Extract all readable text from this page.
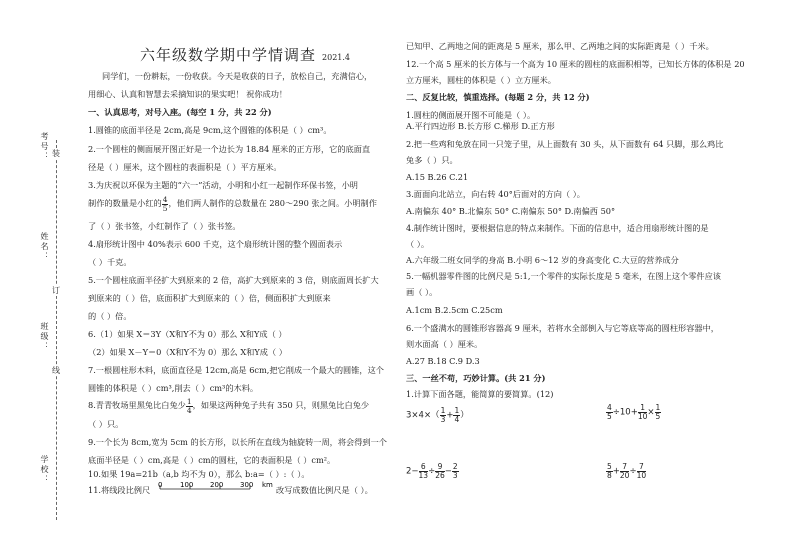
考号：
姓名：
班级：
学校：
装
订
线
六年级数学期中学情调查 2021.4
同学们，一份耕耘，一份收获。今天是收获的日子，放松自己，充满信心，
用细心、认真和智慧去采摘知识的果实吧！ 祝你成功！
一、认真思考，对号入座。(每空 1 分，共 22 分)
1.圆锥的底面半径是 2cm,高是 9cm,这个圆锥的体积是（ ）cm³。
2.一个圆柱的侧面展开图正好是一个边长为 18.84 厘米的正方形，它的底面直
径是（ ）厘米，这个圆柱的表面积是（ ）平方厘米。
3.为庆祝以环保为主题的“六一”活动，小明和小红一起制作环保书签，小明
制作的数量是小红的 $\frac{4}{5}$ ，他们两人制作的总数量在 280～290 张之间。小明制作
了（ ）张书签，小红制作了（ ）张书签。
4.扇形统计图中 40%表示 600 千克，这个扇形统计图的整个圆面表示
（ ）千克。
5.一个圆柱底面半径扩大到原来的 2 倍，高扩大到原来的 3 倍，则底面周长扩大
到原来的（ ）倍，底面积扩大到原来的（ ）倍，侧面积扩大到原来
的（ ）倍。
6.（1）如果 X＝3Y（X和Y不为 0）那么 X和Y成（ ）
（2）如果 X－Y＝0（X和Y不为 0）那么 X和Y成（ ）
7.一根圆柱形木料，底面直径是 12cm,高是 6cm,把它削成一个最大的圆锥，这个
圆锥的体积是（ ）cm³,削去（ ）cm³的木料。
8.青青牧场里黑兔比白兔少 $\frac{1}{4}$ ，如果这两种兔子共有 350 只，则黑兔比白兔少
（ ）只。
9.一个长为 8cm,宽为 5cm 的长方形，以长所在直线为轴旋转一周，将会得到一个
底面半径是（ ）cm,高是（ ）cm的圆柱，它的表面积是（ ）cm²。
10.如果 19a=21b（a,b 均不为 0），那么 b:a=（ ）:（ ）。
11.将线段比例尺	改写成数值比例尺是（ ）。
0	100 200 300 km
已知甲、乙两地之间的距离是 5 厘米，那么甲、乙两地之间的实际距离是（ ）千米。
12.一个高 5 厘米的长方体与一个高为 10 厘米的圆柱的底面积相等，已知长方体的体积是 20
立方厘米，圆柱的体积是（ ）立方厘米。
二、反复比较，慎重选择。(每题 2 分，共 12 分)
1.圆柱的侧面展开图不可能是（ ）。
A.平行四边形 B.长方形 C.梯形 D.正方形
2.把一些鸡和兔放在同一只笼子里，从上面数有 30 头，从下面数有 64 只脚，那么鸡比
兔多（ ）只。
A.15 B.26 C.21
3.面面向北站立，向右转 40°后面对的方向（ ）。
A.南偏东 40° B.北偏东 50° C.南偏东 50° D.南偏西 50°
4.制作统计图时，要根据信息的特点来制作。下面的信息中，适合用扇形统计图的是
（ ）。
A.六年级二班女同学的身高 B.小明 6～12 岁的身高变化 C.大豆的营养成分
5.一幅机器零件图的比例尺是 5:1,一个零件的实际长度是 5 毫米，在图上这个零件应该
画（ ）。
A.1cm B.2.5cm C.25cm
6.一个盛满水的圆锥形容器高 9 厘米，若将水全部倒入与它等底等高的圆柱形容器中，
则水面高（ ）厘米。
A.27 B.18 C.9 D.3
三、一丝不苟，巧妙计算。(共 21 分)
1.计算下面各题，能简算的要简算。(12)
$3\times 4\times( \frac{1}{3} + \frac{1}{4}$ ）	$\frac{4}{5} \div 10+ \frac{1}{10} \times \frac{1}{5}$
$2- \frac{6}{13} \div \frac{9}{26} - \frac{2}{3}$	$\frac{5}{8} + \frac{7}{20} \div \frac{7}{10}$
